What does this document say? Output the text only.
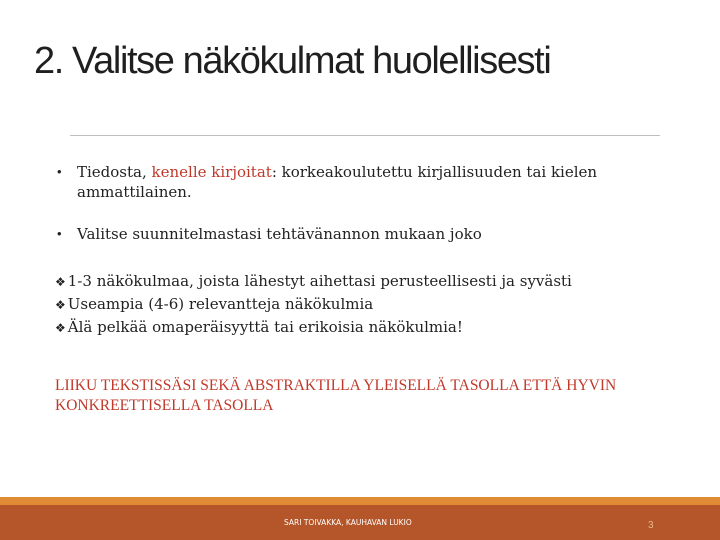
2. Valitse näkökulmat huolellisesti
• Tiedosta, kenelle kirjoitat: korkeakoulutettu kirjallisuuden tai kielen ammattilainen.
• Valitse suunnitelmastasi tehtävänannon mukaan joko
❖ 1-3 näkökulmaa, joista lähestyt aihettasi perusteellisesti ja syvästi
❖ Useampia (4-6) relevantteja näkökulmia
❖ Älä pelkää omaperäisyyttä tai erikoisia näkökulmia!

LIIKU TEKSTISSÄSI SEKÄ ABSTRAKTILLA YLEISELLÄ TASOLLA ETTÄ HYVIN KONKREETTISELLA TASOLLA

SARI TOIVAKKA, KAUHAVAN LUKIO	3
